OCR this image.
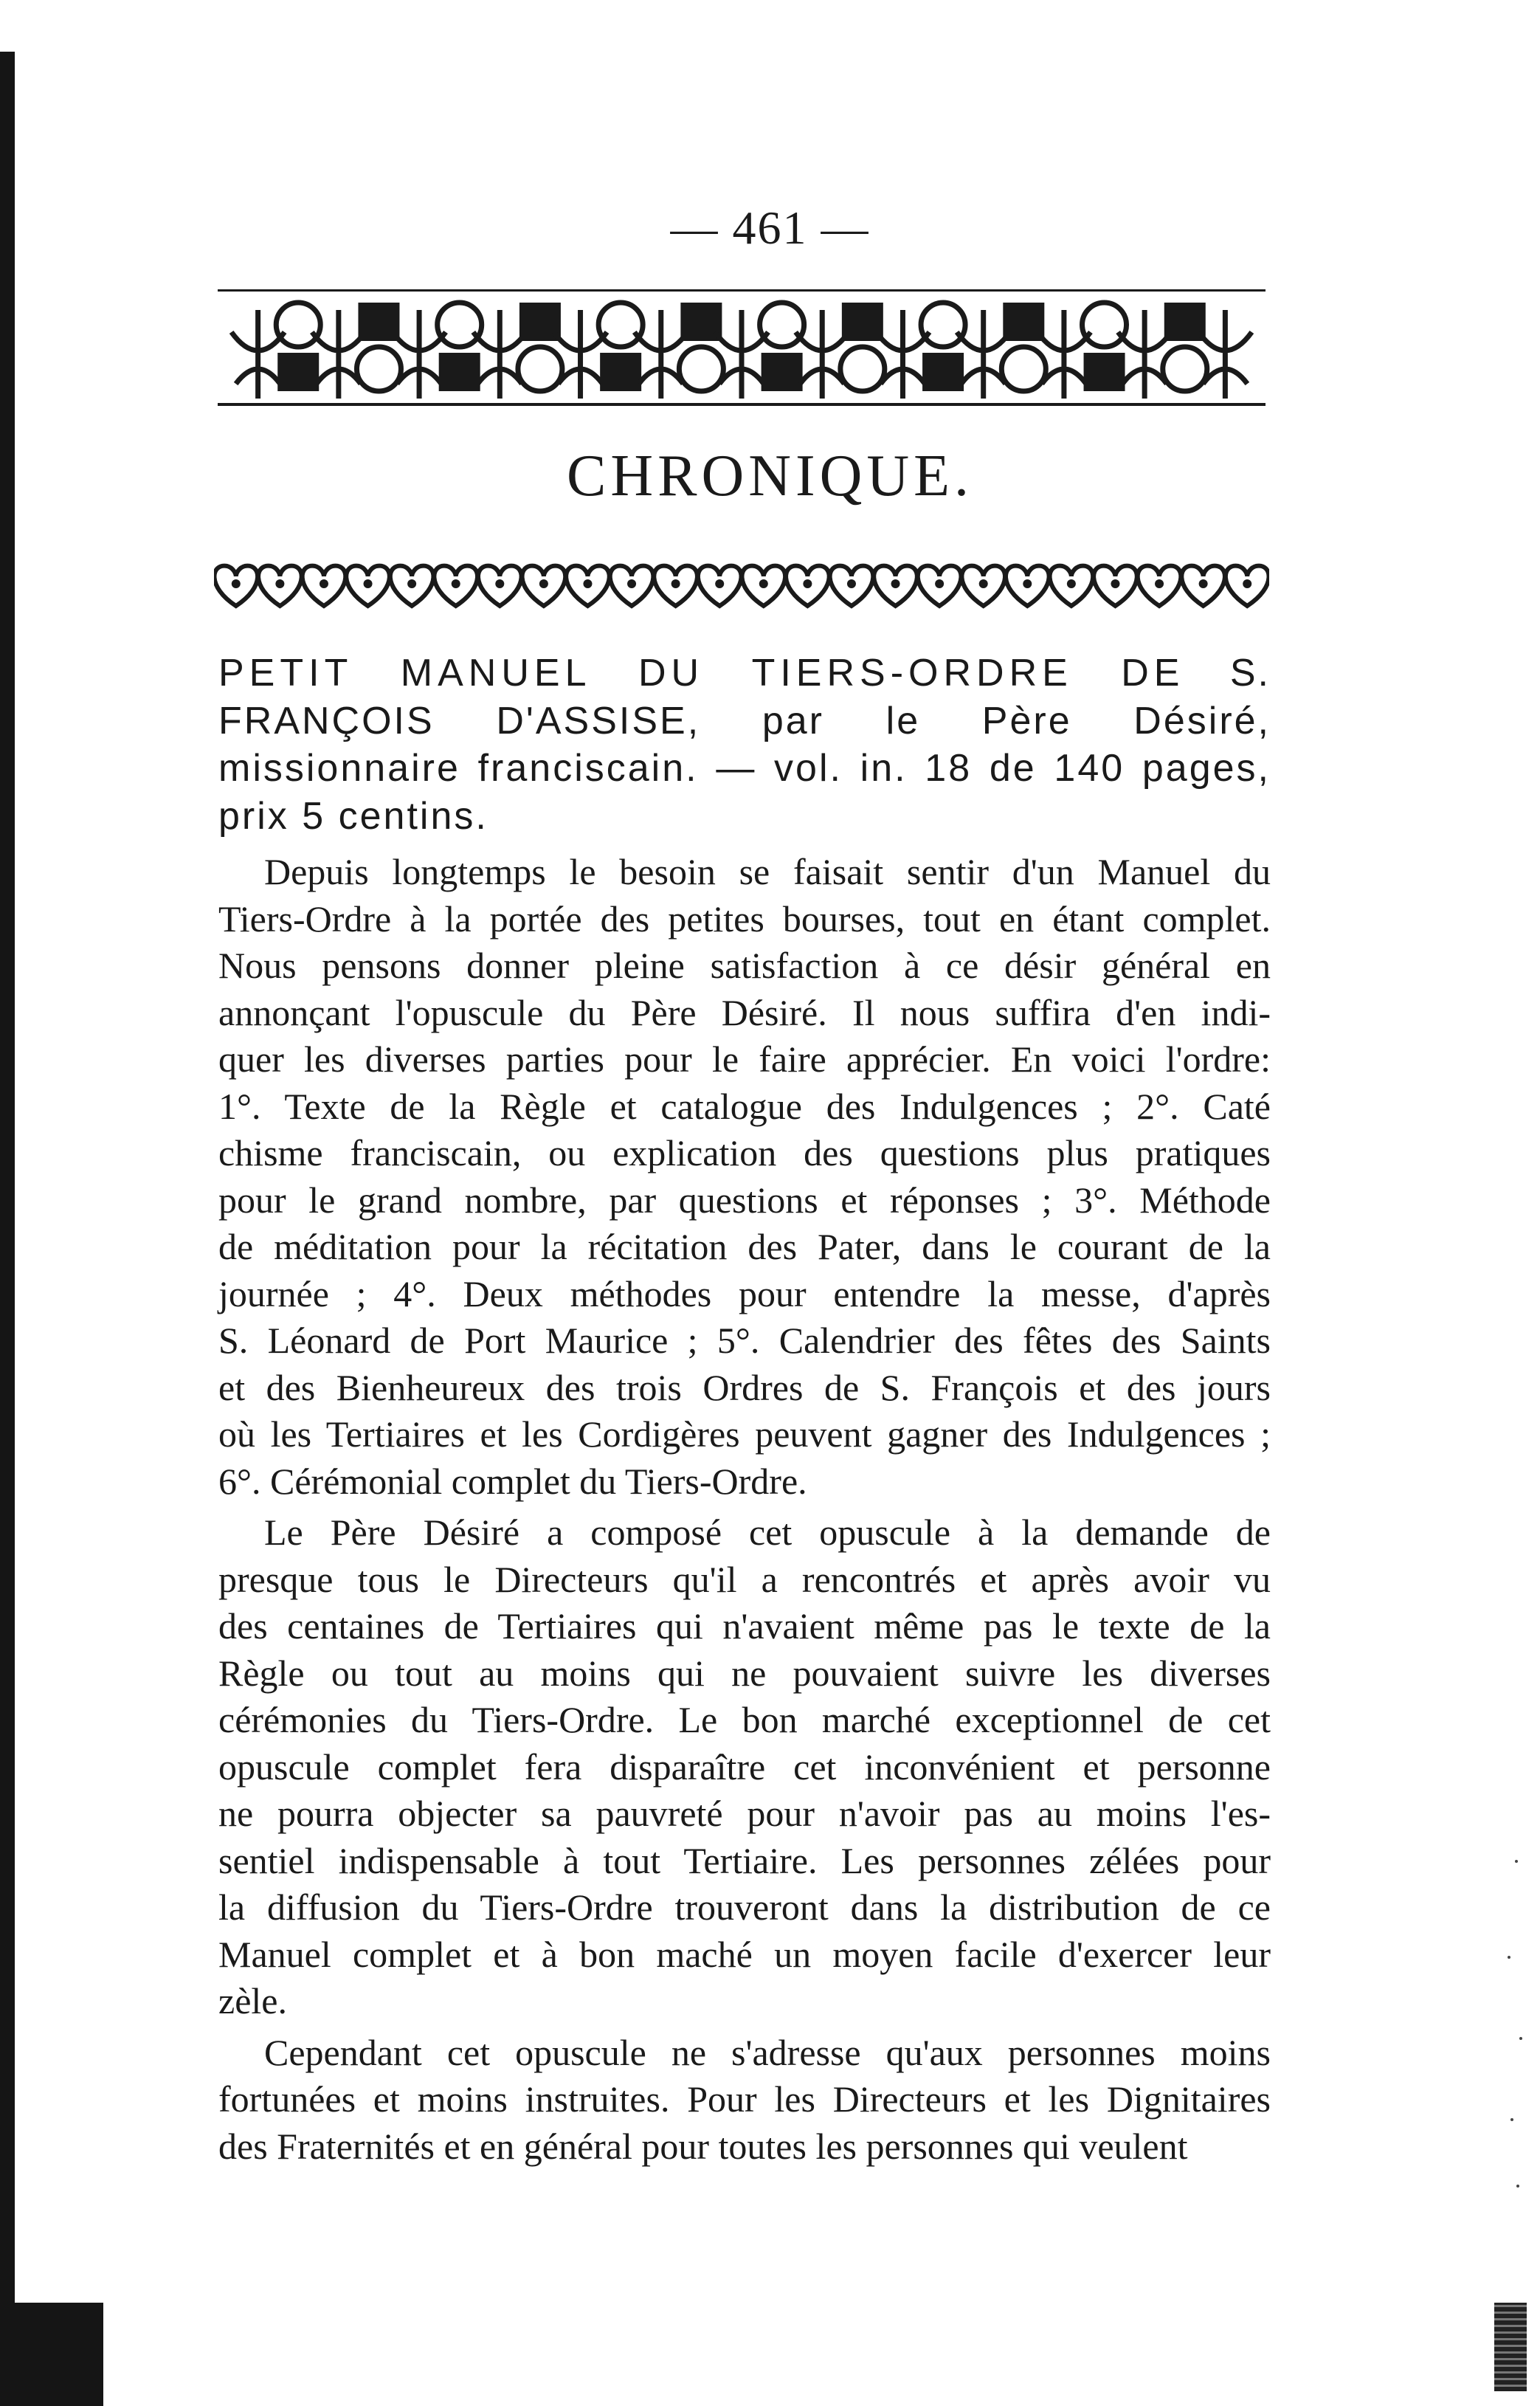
— 461 —
CHRONIQUE.
PETIT MANUEL DU TIERS-ORDRE DE S. FRANÇOIS D'ASSISE, par le Père Désiré, missionnaire franciscain. — vol. in. 18 de 140 pages, prix 5 centins.
Depuis longtemps le besoin se faisait sentir d'un Manuel du
Tiers-Ordre à la portée des petites bourses, tout en étant complet.
Nous pensons donner pleine satisfaction à ce désir général en
annonçant l'opuscule du Père Désiré. Il nous suffira d'en indi-
quer les diverses parties pour le faire apprécier. En voici l'ordre:
1°. Texte de la Règle et catalogue des Indulgences ; 2°. Caté
chisme franciscain, ou explication des questions plus pratiques
pour le grand nombre, par questions et réponses ; 3°. Méthode
de méditation pour la récitation des Pater, dans le courant de la
journée ; 4°. Deux méthodes pour entendre la messe, d'après
S. Léonard de Port Maurice ; 5°. Calendrier des fêtes des Saints
et des Bienheureux des trois Ordres de S. François et des jours
où les Tertiaires et les Cordigères peuvent gagner des Indulgences ;
6°. Cérémonial complet du Tiers-Ordre.
Le Père Désiré a composé cet opuscule à la demande de
presque tous le Directeurs qu'il a rencontrés et après avoir vu
des centaines de Tertiaires qui n'avaient même pas le texte de la
Règle ou tout au moins qui ne pouvaient suivre les diverses
cérémonies du Tiers-Ordre. Le bon marché exceptionnel de cet
opuscule complet fera disparaître cet inconvénient et personne
ne pourra objecter sa pauvreté pour n'avoir pas au moins l'es-
sentiel indispensable à tout Tertiaire. Les personnes zélées pour
la diffusion du Tiers-Ordre trouveront dans la distribution de ce
Manuel complet et à bon maché un moyen facile d'exercer leur
zèle.
Cependant cet opuscule ne s'adresse qu'aux personnes moins
fortunées et moins instruites. Pour les Directeurs et les Dignitaires
des Fraternités et en général pour toutes les personnes qui veulent
